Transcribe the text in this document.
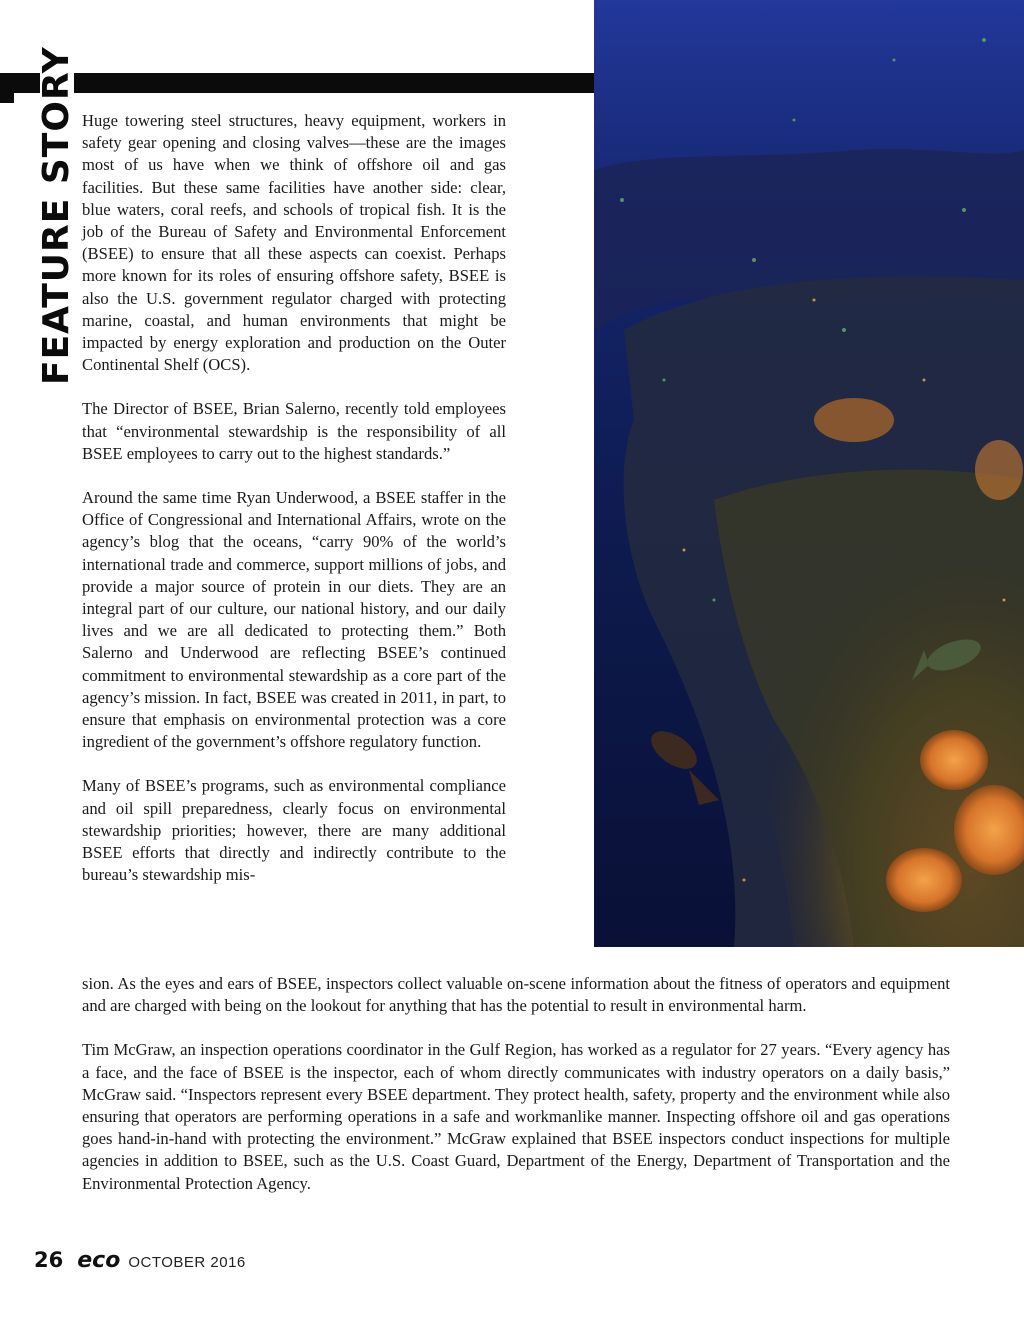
FEATURE STORY Huge towering steel structures, heavy equipment, workers in safety gear opening and closing valves—these are the images most of us have when we think of offshore oil and gas facilities. But these same facilities have another side: clear, blue waters, coral reefs, and schools of tropical fish. It is the job of the Bureau of Safety and Environmental Enforcement (BSEE) to ensure that all these aspects can coexist. Perhaps more known for its roles of ensuring offshore safety, BSEE is also the U.S. government regulator charged with protecting marine, coastal, and human environments that might be impacted by energy exploration and production on the Outer Continental Shelf (OCS).

The Director of BSEE, Brian Salerno, recently told employees that “environmental stewardship is the responsibility of all BSEE employees to carry out to the highest standards.”

Around the same time Ryan Underwood, a BSEE staffer in the Office of Congressional and International Affairs, wrote on the agency’s blog that the oceans, “carry 90% of the world’s international trade and commerce, support millions of jobs, and provide a major source of protein in our diets. They are an integral part of our culture, our national history, and our daily lives and we are all dedicated to protecting them.” Both Salerno and Underwood are reflecting BSEE’s continued commitment to environmental stewardship as a core part of the agency’s mission. In fact, BSEE was created in 2011, in part, to ensure that emphasis on environmental protection was a core ingredient of the government’s offshore regulatory function.

Many of BSEE’s programs, such as environmental compliance and oil spill preparedness, clearly focus on environmental stewardship priorities; however, there are many additional BSEE efforts that directly and indirectly contribute to the bureau’s stewardship mis-

sion. As the eyes and ears of BSEE, inspectors collect valuable on-scene information about the fitness of operators and equipment and are charged with being on the lookout for anything that has the potential to result in environmental harm.

Tim McGraw, an inspection operations coordinator in the Gulf Region, has worked as a regulator for 27 years. “Every agency has a face, and the face of BSEE is the inspector, each of whom directly communicates with industry operators on a daily basis,” McGraw said. “Inspectors represent every BSEE department. They protect health, safety, property and the environment while also ensuring that operators are performing operations in a safe and workmanlike manner. Inspecting offshore oil and gas operations goes hand-in-hand with protecting the environment.” McGraw explained that BSEE inspectors conduct inspections for multiple agencies in addition to BSEE, such as the U.S. Coast Guard, Department of the Energy, Department of Transportation and the Environmental Protection Agency.

26 eco OCTOBER 2016
